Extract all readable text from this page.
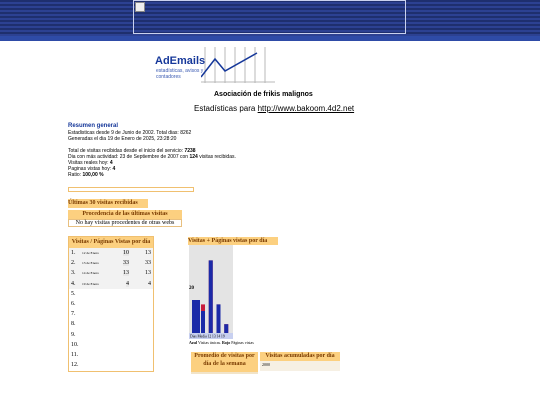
AdEmails
estadísticas, avisos y contadores
Asociación de frikis malignos
Estadísticas para http://www.bakoom.4d2.net
Resumen general
Estadisticas desde 9 de Junio de 2002. Total dias: 8262
Generadas el dia 19 de Enero de 2025, 23:28:20
Total de visitas recibidas desde el inicio del servicio: 7238
Dia con más actividad: 23 de Septiembre de 2007 con 124 visitas recibidas.
Visitas reales hoy: 4
Paginas vistas hoy: 4
Ratio: 100,00 %
Últimas 30 visitas recibidas
Procedencia de las últimas visitas
No hay visitas procedentes de otras webs
Visitas / Páginas Vistas por día
1. 12 de Enero	10	13
2. 13 de Enero	33	33
3. 14 de Enero	13	13
4. 19 de Enero	4	4
5.
6.
7.
8.
9.
10.
11.
12.
Visitas + Páginas vistas por día
20
Dias Media 12 13 14 19
Azul Visitas únicas. Rojo Páginas vistas
Promedio de visitas por día de la semana
Visitas acumuladas por día
2000
